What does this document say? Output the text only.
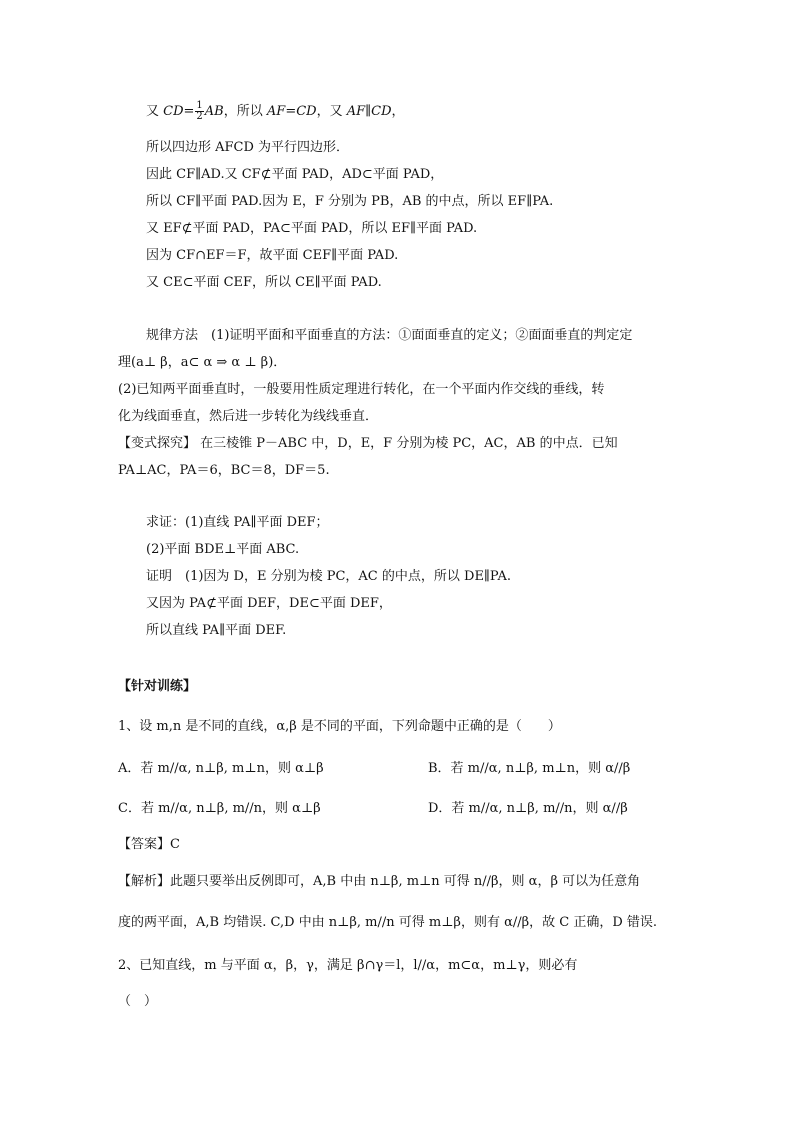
又 $CD= \frac{1}{2}$ AB，所以 AF=CD，又 AF∥CD，
所以四边形 AFCD 为平行四边形．
因此 CF∥AD.又 CF⊄平面 PAD，AD⊂平面 PAD，
所以 CF∥平面 PAD.因为 E，F 分别为 PB，AB 的中点，所以 EF∥PA.
又 EF⊄平面 PAD，PA⊂平面 PAD，所以 EF∥平面 PAD.
因为 CF∩EF＝F，故平面 CEF∥平面 PAD.
又 CE⊂平面 CEF，所以 CE∥平面 PAD.
规律方法　(1)证明平面和平面垂直的方法：①面面垂直的定义；②面面垂直的判定定
理(a⊥ β，a⊂ α ⇒ α ⊥ β)．
(2)已知两平面垂直时，一般要用性质定理进行转化，在一个平面内作交线的垂线，转
化为线面垂直，然后进一步转化为线线垂直．
【变式探究】 在三棱锥 P－ABC 中，D，E，F 分别为棱 PC，AC，AB 的中点．已知
PA⊥AC，PA＝6，BC＝8，DF＝5.
求证：(1)直线 PA∥平面 DEF；
(2)平面 BDE⊥平面 ABC.
证明　(1)因为 D，E 分别为棱 PC，AC 的中点，所以 DE∥PA.
又因为 PA⊄平面 DEF，DE⊂平面 DEF，
所以直线 PA∥平面 DEF.
【针对训练】
1、设 m,n 是不同的直线，α,β 是不同的平面，下列命题中正确的是（　　）
A．若 m//α, n⊥β, m⊥n，则 α⊥β	B．若 m//α, n⊥β, m⊥n，则 α//β
C．若 m//α, n⊥β, m//n，则 α⊥β	D．若 m//α, n⊥β, m//n，则 α//β
【答案】C
【解析】此题只要举出反例即可，A,B 中由 n⊥β, m⊥n 可得 n//β，则 α，β 可以为任意角
度的两平面，A,B 均错误. C,D 中由 n⊥β, m//n 可得 m⊥β，则有 α//β，故 C 正确，D 错误.
2、已知直线，m 与平面 α，β，γ，满足 β∩γ＝l，l//α，m⊂α，m⊥γ，则必有
（　）
